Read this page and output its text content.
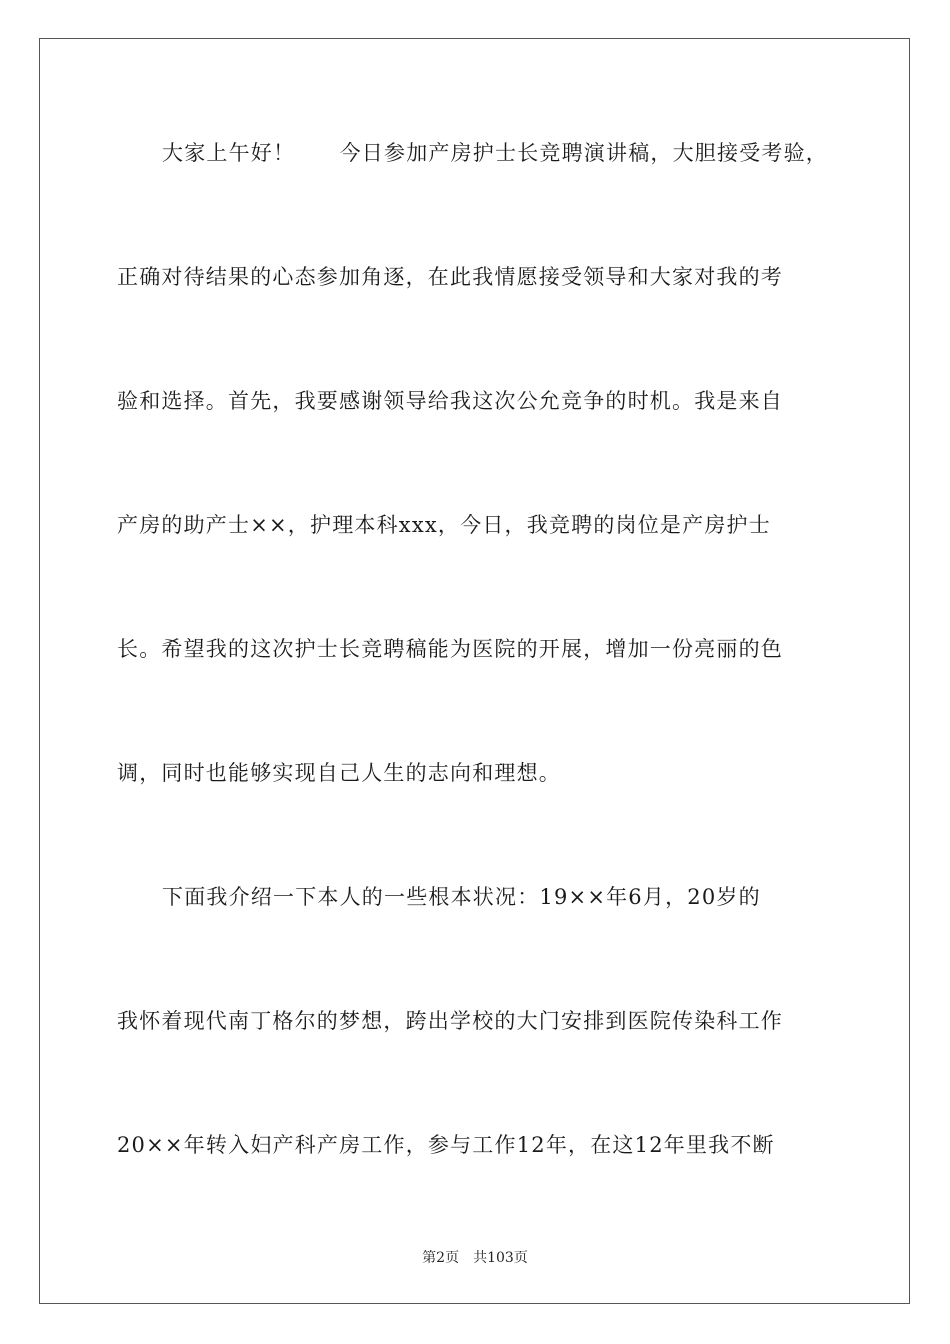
大家上午好！　　今日参加产房护士长竞聘演讲稿，大胆接受考验，
正确对待结果的心态参加角逐，在此我情愿接受领导和大家对我的考
验和选择。首先，我要感谢领导给我这次公允竞争的时机。我是来自
产房的助产士××，护理本科xxx，今日，我竞聘的岗位是产房护士
长。希望我的这次护士长竞聘稿能为医院的开展，增加一份亮丽的色
调，同时也能够实现自己人生的志向和理想。
下面我介绍一下本人的一些根本状况：19××年6月，20岁的
我怀着现代南丁格尔的梦想，跨出学校的大门安排到医院传染科工作
20××年转入妇产科产房工作，参与工作12年，在这12年里我不断
第2页 共103页
